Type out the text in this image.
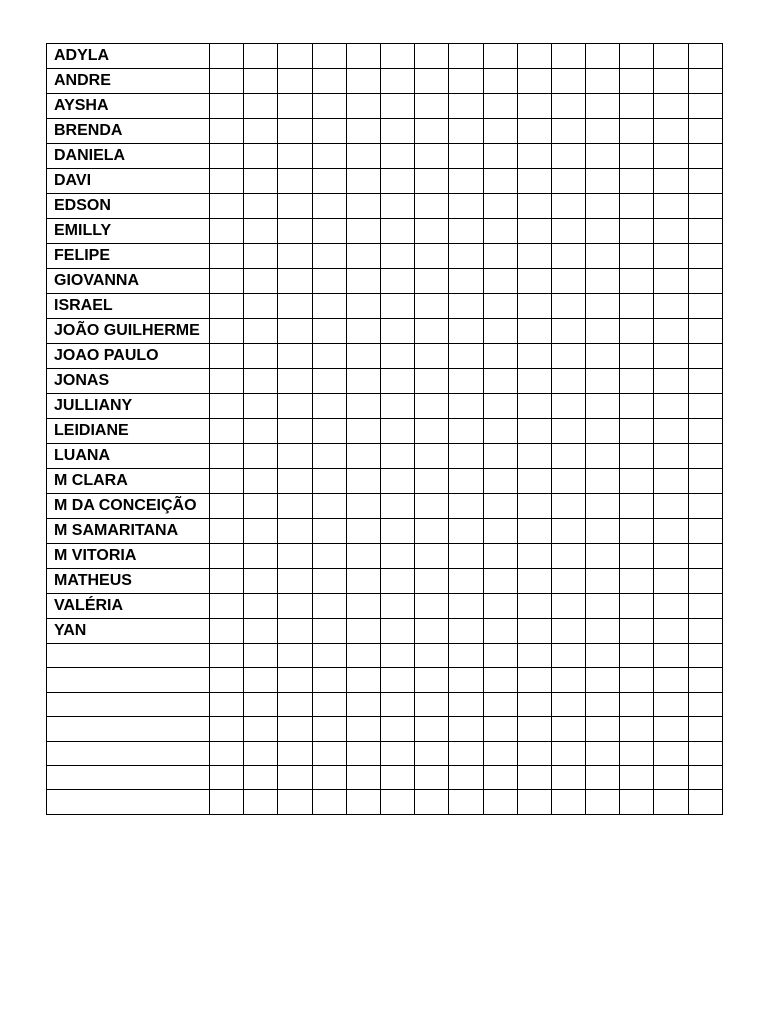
ADYLA															
ANDRE															
AYSHA															
BRENDA															
DANIELA															
DAVI															
EDSON															
EMILLY															
FELIPE															
GIOVANNA															
ISRAEL															
JOÃO GUILHERME															
JOAO PAULO															
JONAS															
JULLIANY															
LEIDIANE															
LUANA															
M CLARA															
M DA CONCEIÇÃO															
M SAMARITANA															
M VITORIA															
MATHEUS															
VALÉRIA															
YAN															
